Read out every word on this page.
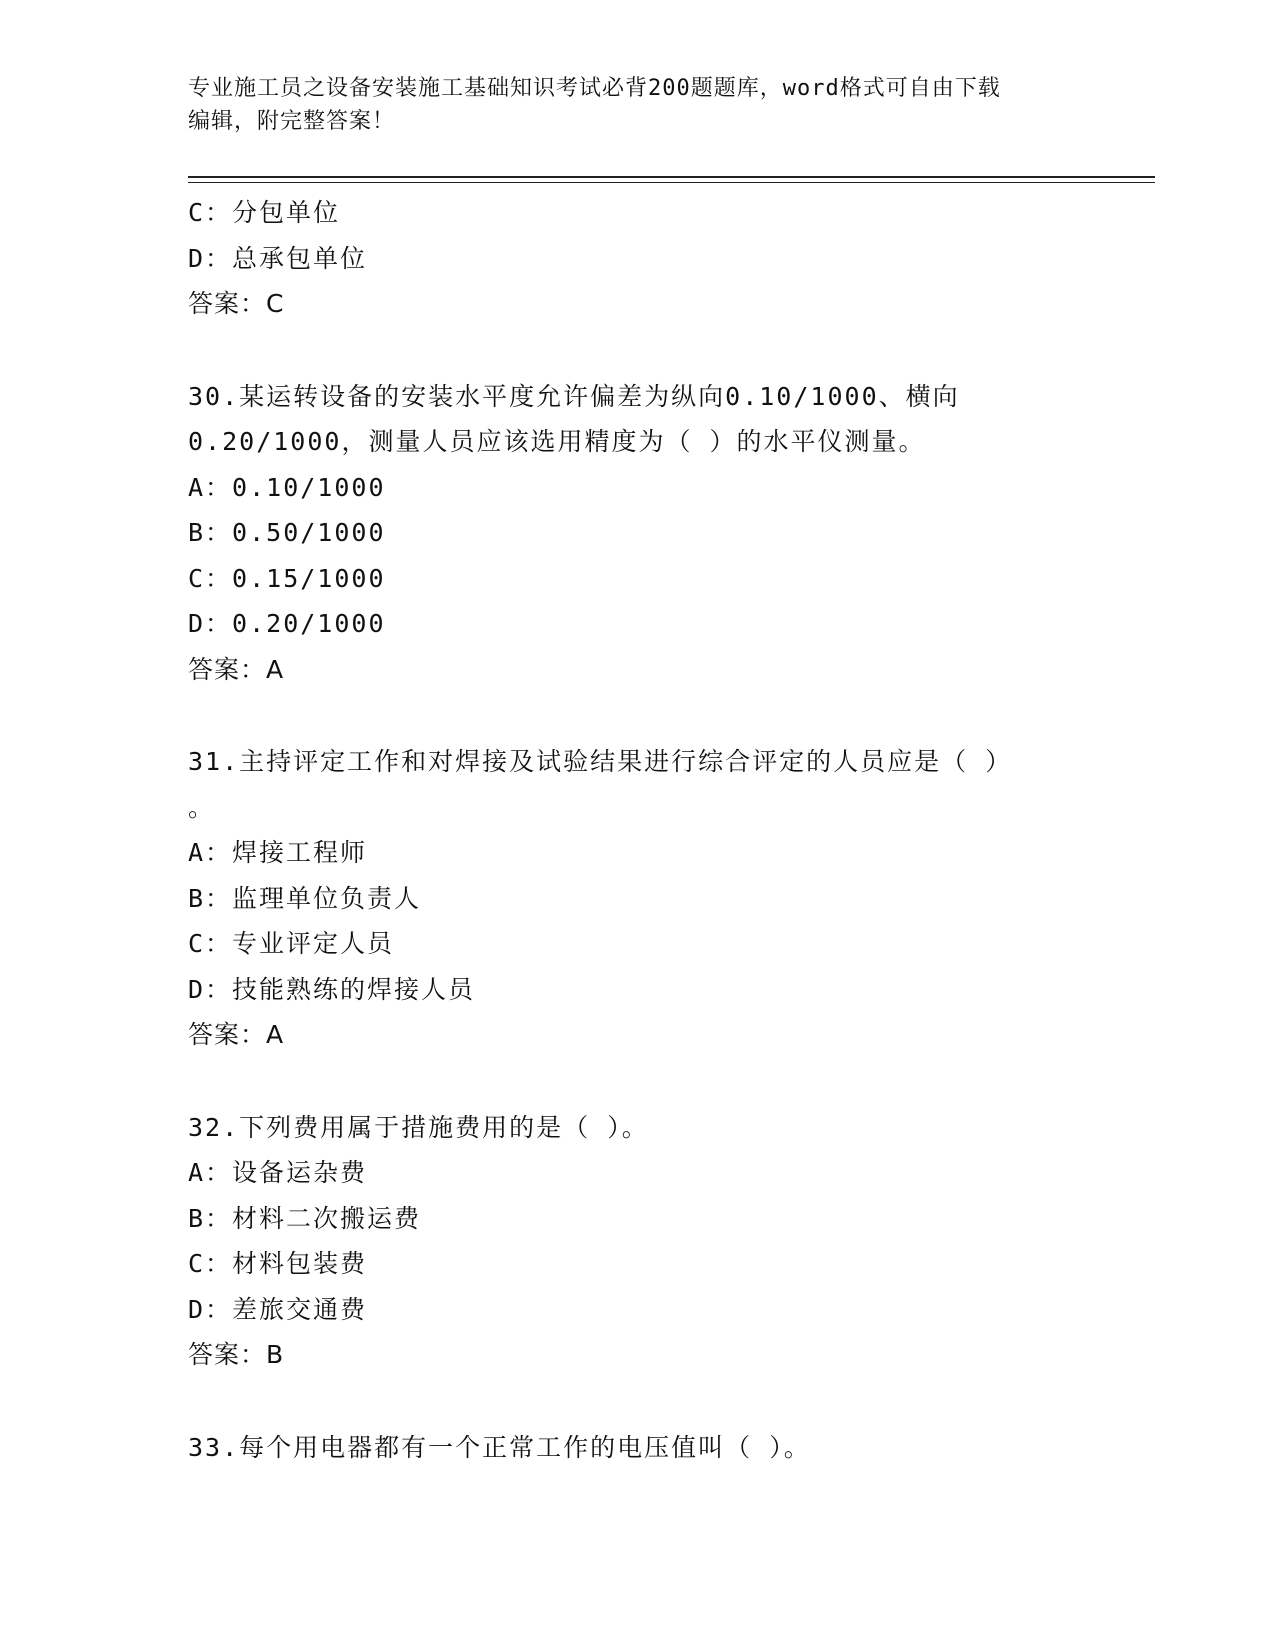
专业施工员之设备安装施工基础知识考试必背200题题库，word格式可自由下载
编辑，附完整答案！
C：分包单位
D：总承包单位
答案：C
30.某运转设备的安装水平度允许偏差为纵向0.10/1000、横向
0.20/1000，测量人员应该选用精度为（ ）的水平仪测量。
A：0.10/1000
B：0.50/1000
C：0.15/1000
D：0.20/1000
答案：A
31.主持评定工作和对焊接及试验结果进行综合评定的人员应是（ ）
。
A：焊接工程师
B：监理单位负责人
C：专业评定人员
D：技能熟练的焊接人员
答案：A
32.下列费用属于措施费用的是（ ）。
A：设备运杂费
B：材料二次搬运费
C：材料包装费
D：差旅交通费
答案：B
33.每个用电器都有一个正常工作的电压值叫（ ）。
